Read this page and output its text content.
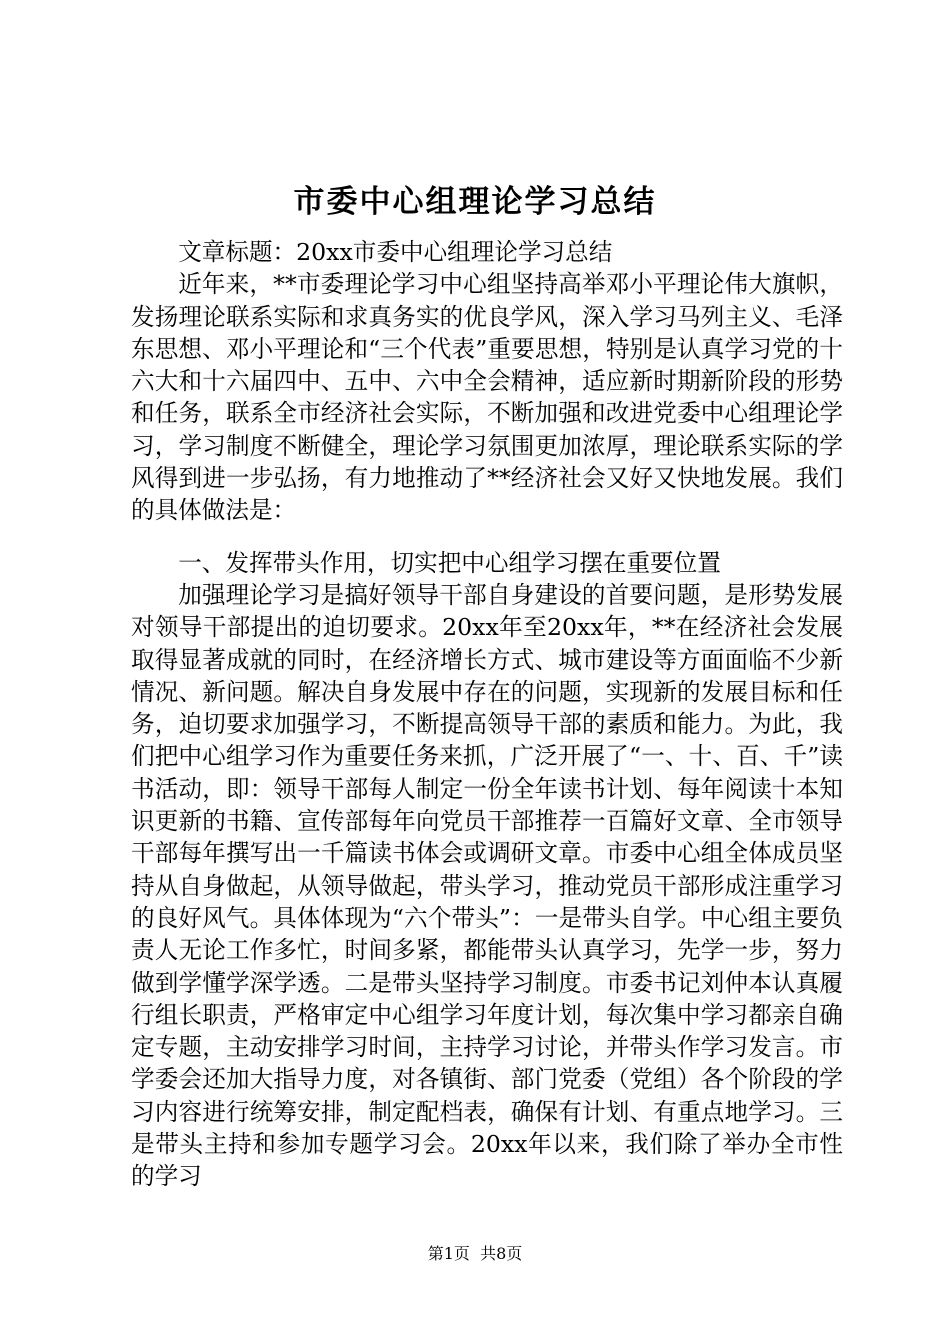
市委中心组理论学习总结

文章标题：20xx市委中心组理论学习总结

近年来，**市委理论学习中心组坚持高举邓小平理论伟大旗帜，发扬理论联系实际和求真务实的优良学风，深入学习马列主义、毛泽东思想、邓小平理论和“三个代表”重要思想，特别是认真学习党的十六大和十六届四中、五中、六中全会精神，适应新时期新阶段的形势和任务，联系全市经济社会实际，不断加强和改进党委中心组理论学习，学习制度不断健全，理论学习氛围更加浓厚，理论联系实际的学风得到进一步弘扬，有力地推动了**经济社会又好又快地发展。我们的具体做法是：

一、发挥带头作用，切实把中心组学习摆在重要位置

加强理论学习是搞好领导干部自身建设的首要问题，是形势发展对领导干部提出的迫切要求。20xx年至20xx年，**在经济社会发展取得显著成就的同时，在经济增长方式、城市建设等方面面临不少新情况、新问题。解决自身发展中存在的问题，实现新的发展目标和任务，迫切要求加强学习，不断提高领导干部的素质和能力。为此，我们把中心组学习作为重要任务来抓，广泛开展了“一、十、百、千”读书活动，即：领导干部每人制定一份全年读书计划、每年阅读十本知识更新的书籍、宣传部每年向党员干部推荐一百篇好文章、全市领导干部每年撰写出一千篇读书体会或调研文章。市委中心组全体成员坚持从自身做起，从领导做起，带头学习，推动党员干部形成注重学习的良好风气。具体体现为“六个带头”：一是带头自学。中心组主要负责人无论工作多忙，时间多紧，都能带头认真学习，先学一步，努力做到学懂学深学透。二是带头坚持学习制度。市委书记刘仲本认真履行组长职责，严格审定中心组学习年度计划，每次集中学习都亲自确定专题，主动安排学习时间，主持学习讨论，并带头作学习发言。市学委会还加大指导力度，对各镇街、部门党委（党组）各个阶段的学习内容进行统筹安排，制定配档表，确保有计划、有重点地学习。三是带头主持和参加专题学习会。20xx年以来，我们除了举办全市性的学习

第1页 共8页
